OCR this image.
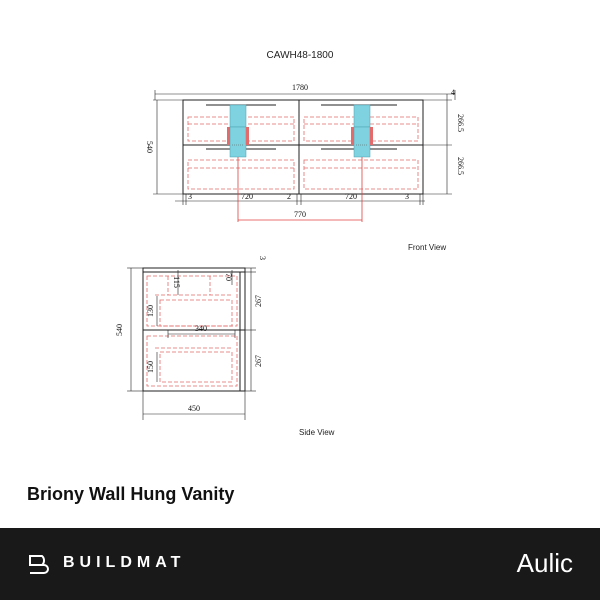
1780
4
266.5
266.5
540
3	720	2	720	3
770
3
115	70
540
267
267
130
340
150
450
CAWH48-1800
Front View
Side View
Briony Wall Hung Vanity
BUILDMAT	Aulic
